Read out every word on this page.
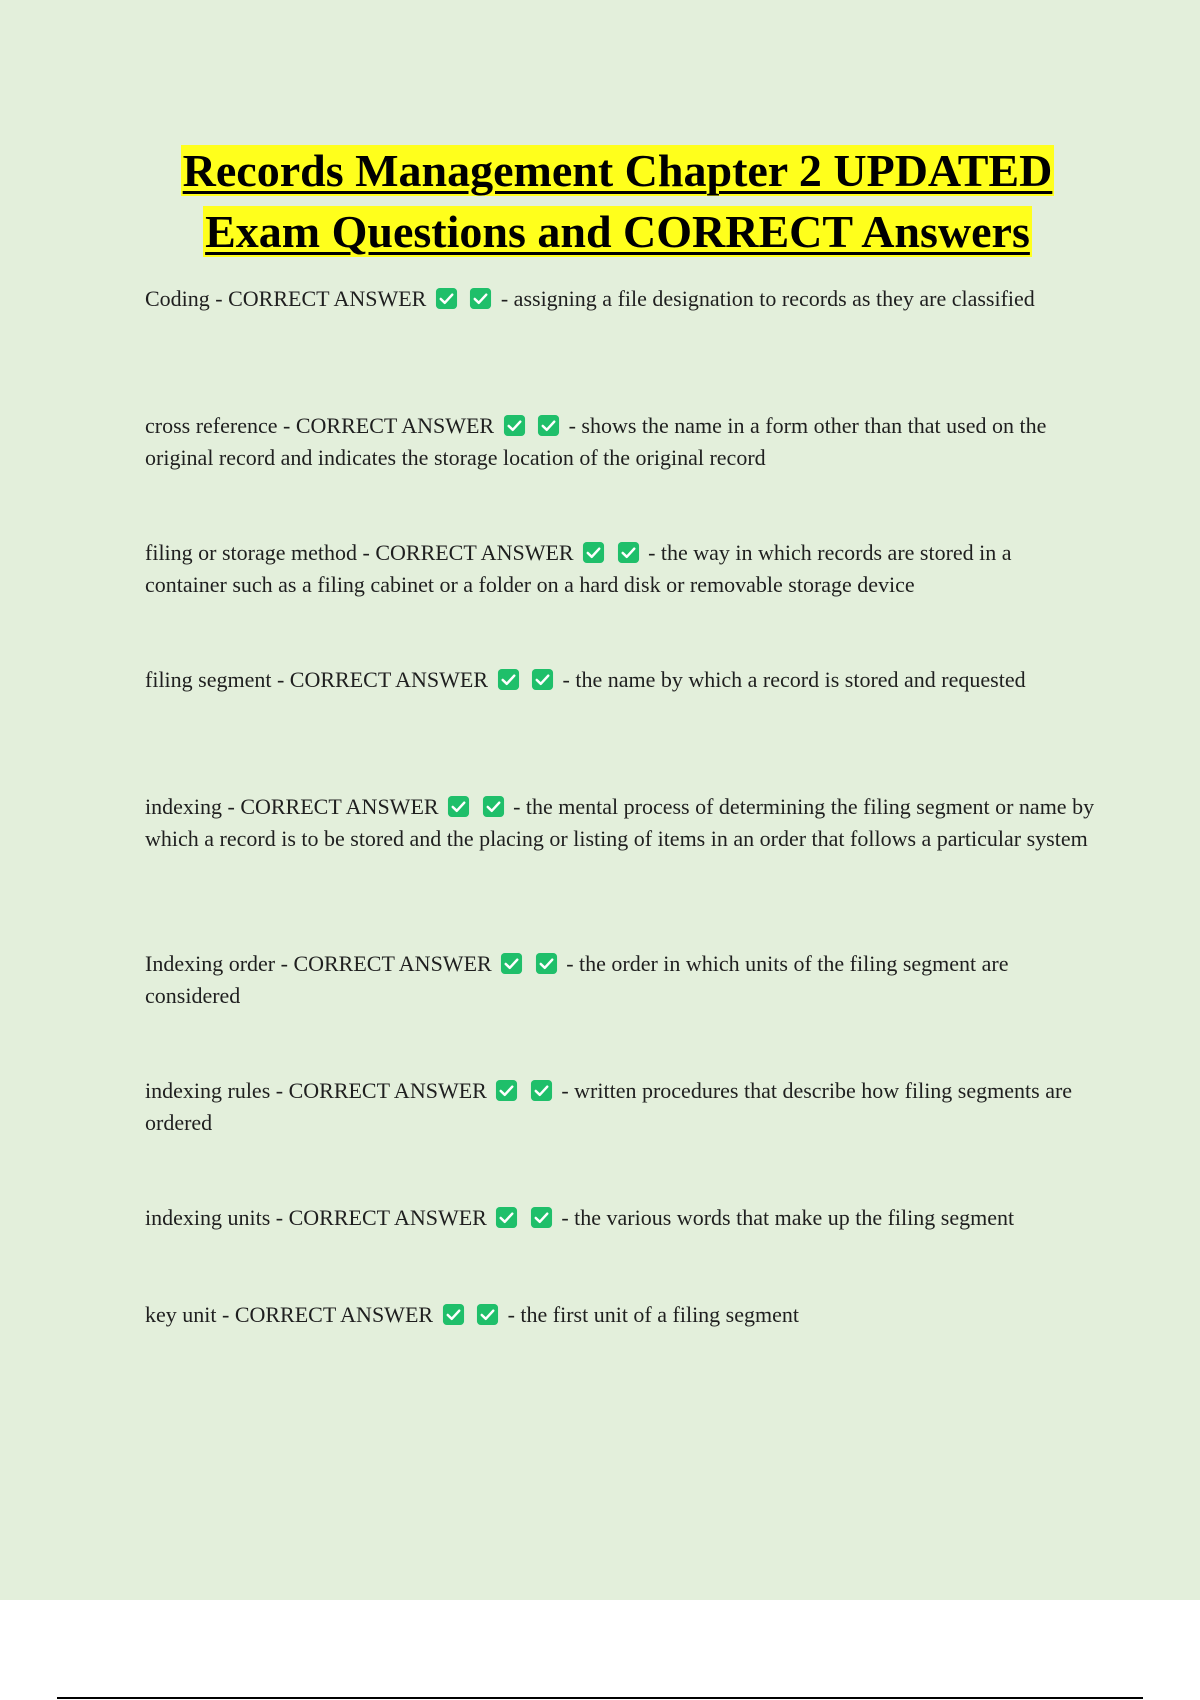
Records Management Chapter 2 UPDATED
Exam Questions and CORRECT Answers

Coding - CORRECT ANSWER
	- assigning a file designation to records as they are classified

cross reference - CORRECT ANSWER
	- shows the name in a form other than that used on the original record and indicates the storage location of the original record

filing or storage method - CORRECT ANSWER
	- the way in which records are stored in a container such as a filing cabinet or a folder on a hard disk or removable storage device

filing segment - CORRECT ANSWER
	- the name by which a record is stored and requested

indexing - CORRECT ANSWER
	- the mental process of determining the filing segment or name by which a record is to be stored and the placing or listing of items in an order that follows a particular system

Indexing order - CORRECT ANSWER
	- the order in which units of the filing segment are considered

indexing rules - CORRECT ANSWER
	- written procedures that describe how filing segments are ordered

indexing units - CORRECT ANSWER
	- the various words that make up the filing segment

key unit - CORRECT ANSWER
	- the first unit of a filing segment
